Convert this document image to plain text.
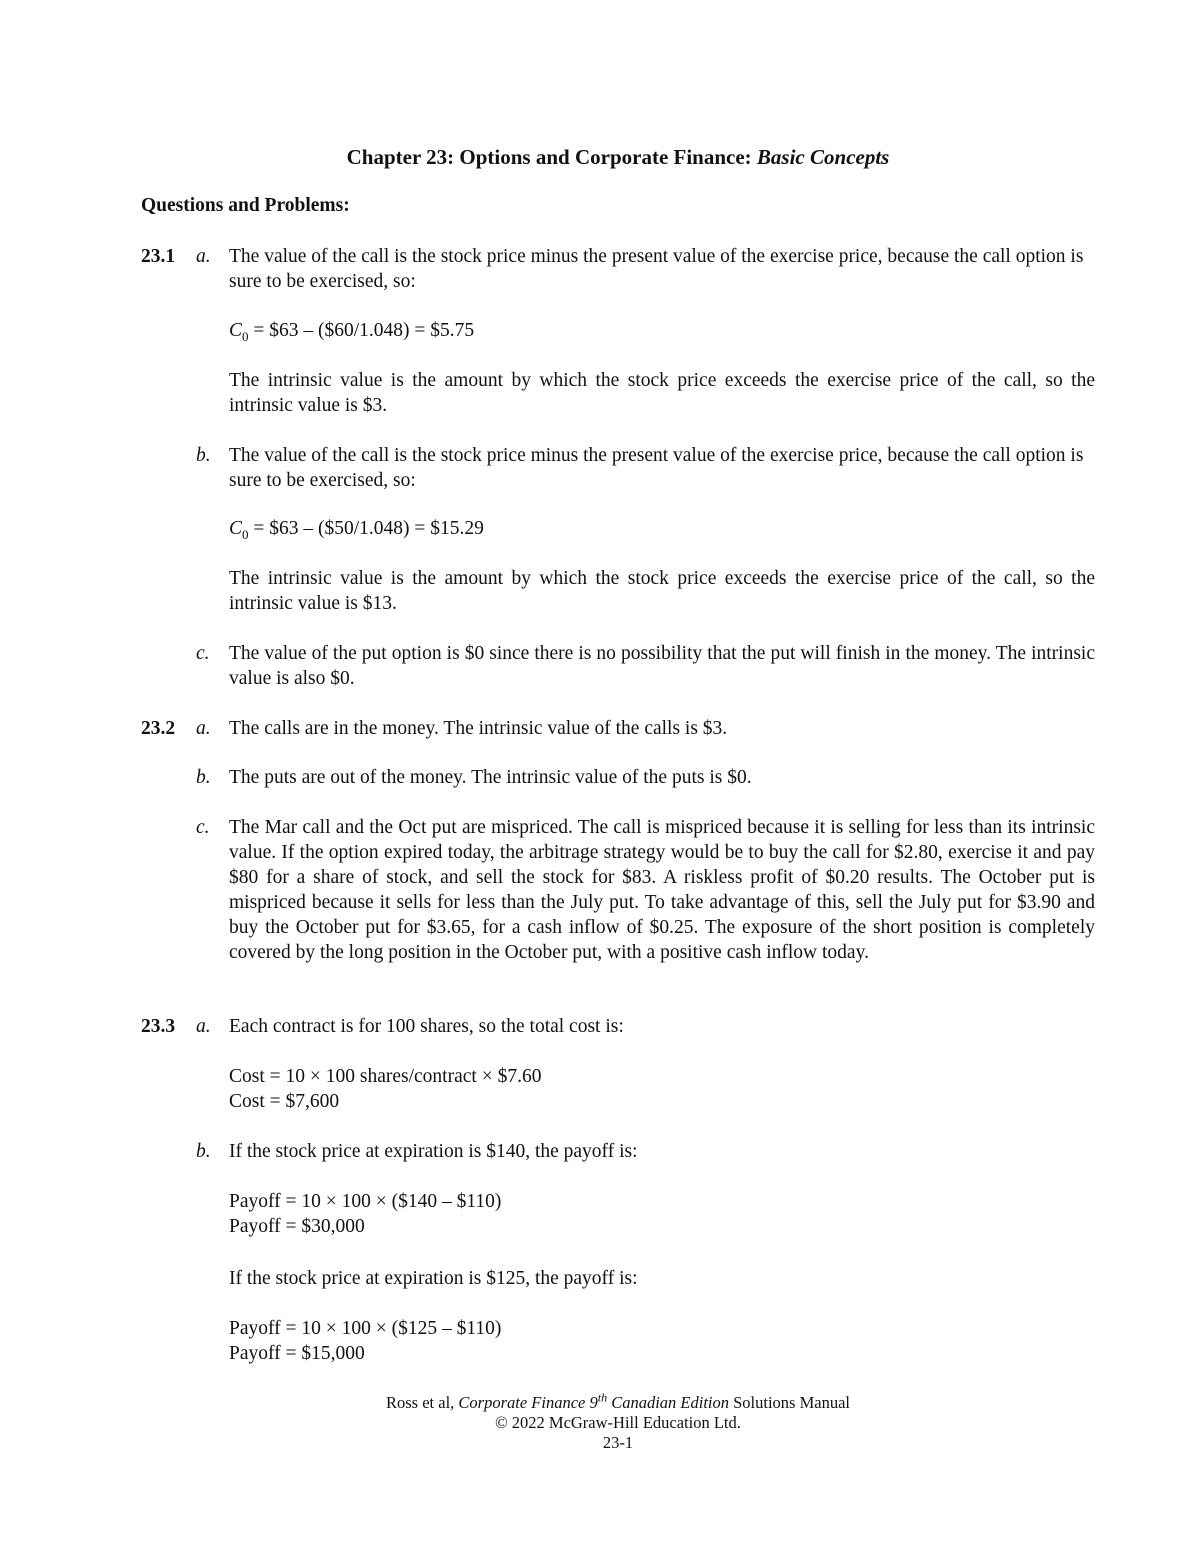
Chapter 23: Options and Corporate Finance: Basic Concepts
Questions and Problems:
23.1 a. The value of the call is the stock price minus the present value of the exercise price, because the call option is sure to be exercised, so:
$C_0$ = $63 – ($60/1.048) = $5.75
The intrinsic value is the amount by which the stock price exceeds the exercise price of the call, so the intrinsic value is $3.
b. The value of the call is the stock price minus the present value of the exercise price, because the call option is sure to be exercised, so:
$C_0$ = $63 – ($50/1.048) = $15.29
The intrinsic value is the amount by which the stock price exceeds the exercise price of the call, so the intrinsic value is $13.
c. The value of the put option is $0 since there is no possibility that the put will finish in the money. The intrinsic value is also $0.
23.2 a. The calls are in the money. The intrinsic value of the calls is $3.
b. The puts are out of the money. The intrinsic value of the puts is $0.
c. The Mar call and the Oct put are mispriced. The call is mispriced because it is selling for less than its intrinsic value. If the option expired today, the arbitrage strategy would be to buy the call for $2.80, exercise it and pay $80 for a share of stock, and sell the stock for $83. A riskless profit of $0.20 results. The October put is mispriced because it sells for less than the July put. To take advantage of this, sell the July put for $3.90 and buy the October put for $3.65, for a cash inflow of $0.25. The exposure of the short position is completely covered by the long position in the October put, with a positive cash inflow today.
23.3 a. Each contract is for 100 shares, so the total cost is:
Cost = 10 × 100 shares/contract × $7.60
Cost = $7,600
b. If the stock price at expiration is $140, the payoff is:
Payoff = 10 × 100 × ($140 – $110)
Payoff = $30,000
If the stock price at expiration is $125, the payoff is:
Payoff = 10 × 100 × ($125 – $110)
Payoff = $15,000
Ross et al, Corporate Finance 9th Canadian Edition Solutions Manual
© 2022 McGraw-Hill Education Ltd.
23-1
